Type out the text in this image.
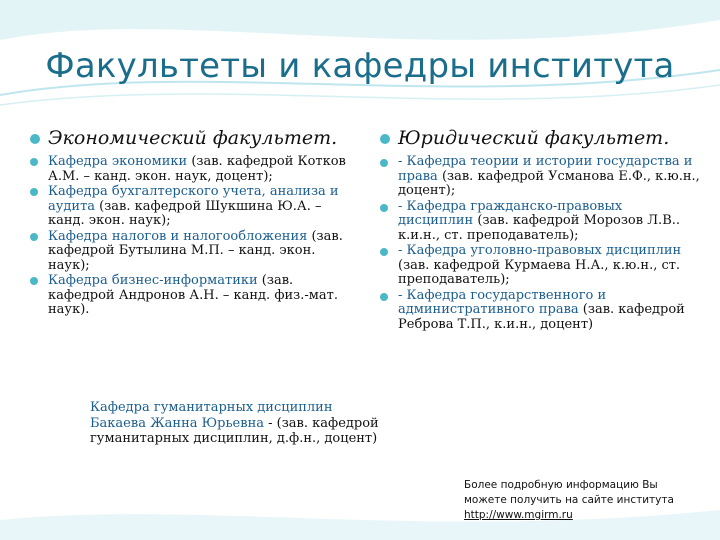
Факультеты и кафедры института
Экономический факультет.
Кафедра экономики (зав. кафедрой Котков А.М. – канд. экон. наук, доцент);
Кафедра бухгалтерского учета, анализа и аудита (зав. кафедрой Шукшина Ю.А. – канд. экон. наук);
Кафедра налогов и налогообложения (зав. кафедрой Бутылина М.П. – канд. экон. наук);
Кафедра бизнес-информатики (зав. кафедрой Андронов А.Н. – канд. физ.-мат. наук).
Юридический факультет.
- Кафедра теории и истории государства и права (зав. кафедрой Усманова Е.Ф., к.ю.н., доцент);
- Кафедра гражданско-правовых дисциплин (зав. кафедрой Морозов Л.В.. к.и.н., ст. преподаватель);
- Кафедра уголовно-правовых дисциплин (зав. кафедрой Курмаева Н.А., к.ю.н., ст. преподаватель);
- Кафедра государственного и административного права (зав. кафедрой Реброва Т.П., к.и.н., доцент)
Кафедра гуманитарных дисциплин
Бакаева Жанна Юрьевна - (зав. кафедрой гуманитарных дисциплин, д.ф.н., доцент)
Более подробную информацию Вы
можете получить на сайте института
http://www.mgirm.ru
